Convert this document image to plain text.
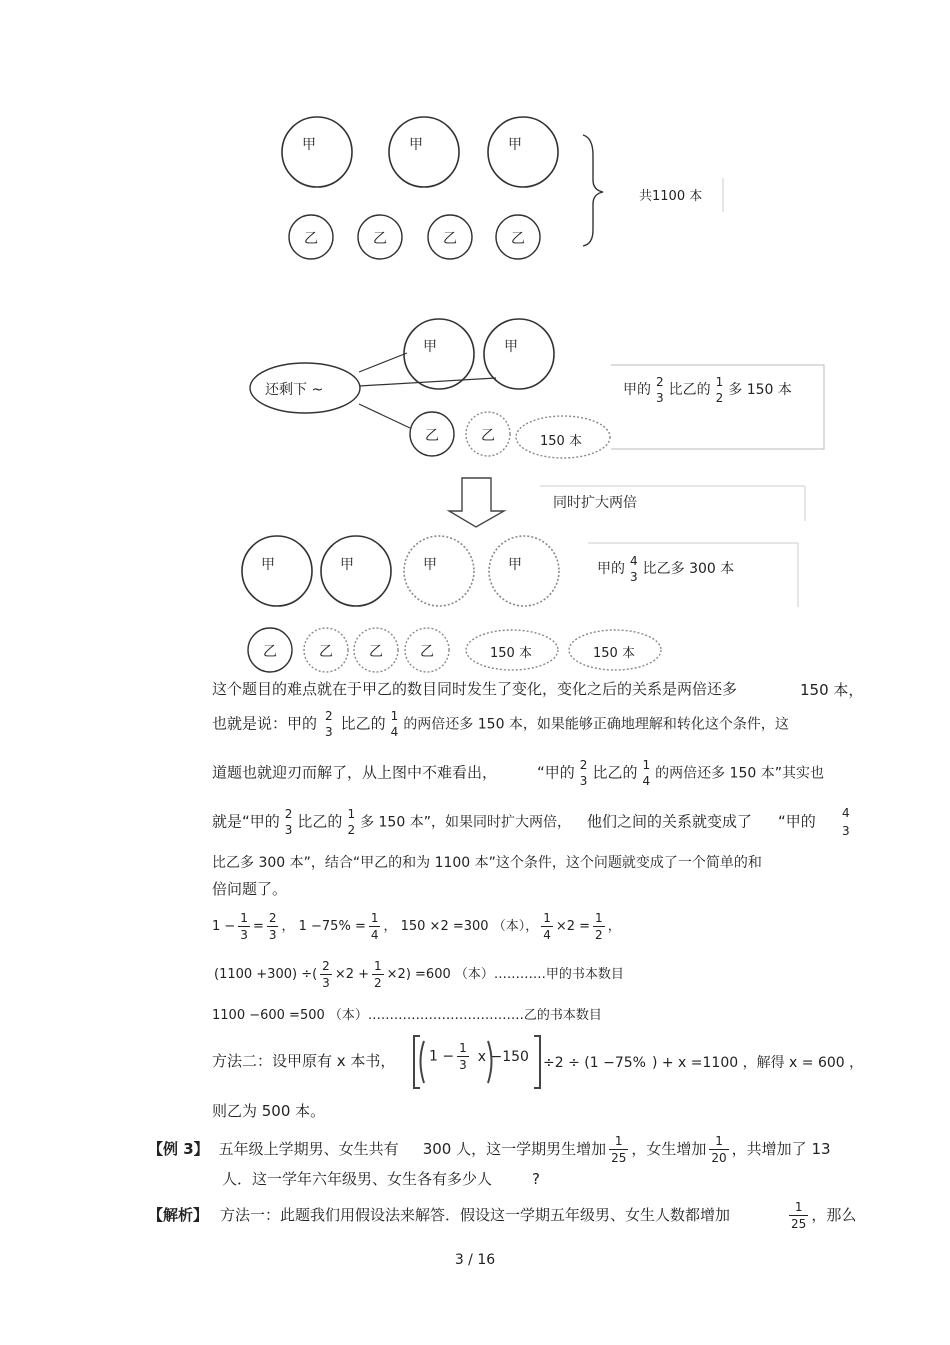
甲	甲	甲
乙	乙	乙	乙
共1100 本
还剩下 ~
甲	甲
乙	乙	150 本
甲的 2
3 比乙的 1
2 多 150 本
同时扩大两倍
甲	甲	甲	甲	甲的 4
3 比乙多 300 本
乙	乙	乙	乙	150 本	150 本
这个题目的难点就在于甲乙的数目同时发生了变化，变化之后的关系是两倍还多	150 本，
也就是说：甲的 2
3 比乙的 1
4 的两倍还多 150 本，如果能够正确地理解和转化这个条件，这
道题也就迎刃而解了，从上图中不难看出，	“甲的 2
3 比乙的 1
4 的两倍还多 150 本”其实也
就是“甲的 2
3 比乙的 1
2 多 150 本”，如果同时扩大两倍， 他们之间的关系就变成了 “甲的 4
3
比乙多 300 本”，结合“甲乙的和为 1100 本”这个条件，这个问题就变成了一个简单的和
倍问题了。
$1 - \frac{1}{3} = \frac{2}{3}$ ， $1 -75\% = \frac{1}{4}$ ， 150 ×2 =300 （本）， $\frac{1}{4} \times 2 = \frac{1}{2}$ ，
(1100 +300) ÷( $\frac{2}{3} \times 2 + \frac{1}{2} \times 2) =600$ （本）…………甲的书本数目
1100 −600 =500 （本）………………………………乙的书本数目
方法二：设甲原有 x 本书， $1 - \frac{1}{3}$ x −150 ÷2 ÷ (1 −75% ) + x =1100 ，解得 x = 600 ，
则乙为 500 本。
【例 3】 五年级上学期男、女生共有 300 人，这一学期男生增加 $\frac{1}{25}$ ，女生增加 $\frac{1}{20}$ ，共增加了 13
人．这一学年六年级男、女生各有多少人	?
【解析】 方法一：此题我们用假设法来解答．假设这一学期五年级男、女生人数都增加	$\frac{1}{25}$ ，那么
3 / 16
